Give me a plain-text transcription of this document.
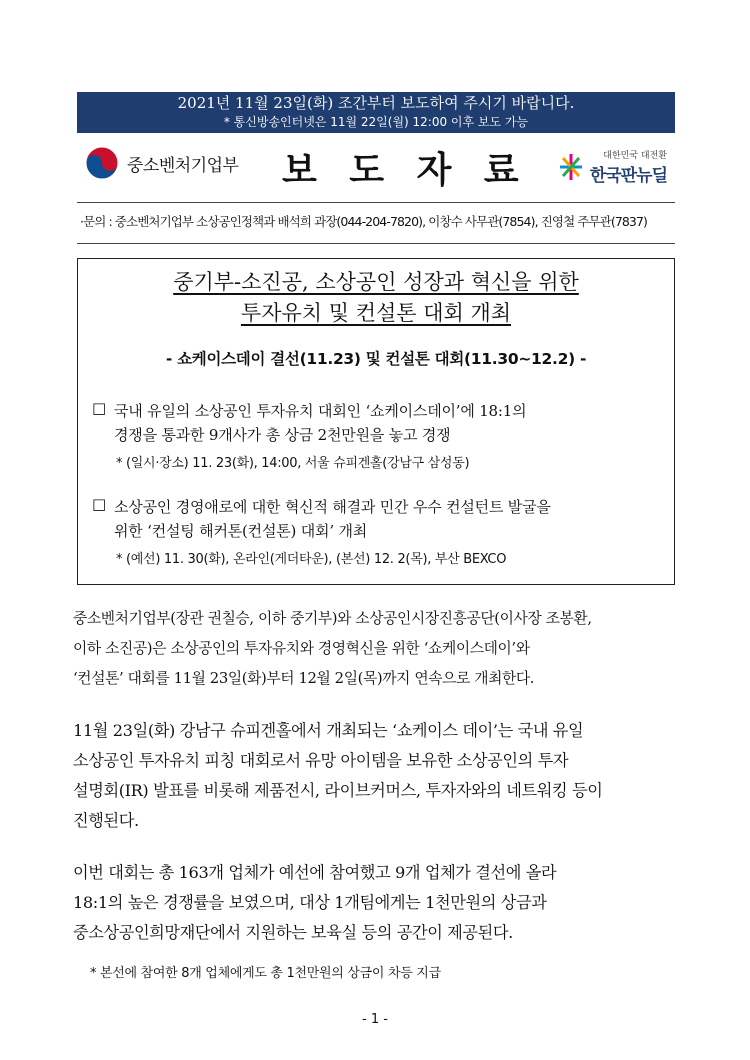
2021년 11월 23일(화) 조간부터 보도하여 주시기 바랍니다.
* 통신방송인터넷은 11월 22일(월) 12:00 이후 보도 가능
중소벤처기업부 보 도 자 료	대한민국 대전환
한국판뉴딜
·문의 : 중소벤처기업부 소상공인정책과 배석희 과장(044-204-7820), 이창수 사무관(7854), 진영철 주무관(7837)
중기부-소진공, 소상공인 성장과 혁신을 위한
투자유치 및 컨설톤 대회 개최
- 쇼케이스데이 결선(11.23) 및 컨설톤 대회(11.30~12.2) -
□ 국내 유일의 소상공인 투자유치 대회인 ‘쇼케이스데이’에 18:1의
경쟁을 통과한 9개사가 총 상금 2천만원을 놓고 경쟁
* (일시·장소) 11. 23(화), 14:00, 서울 슈피겐홀(강남구 삼성동)
□ 소상공인 경영애로에 대한 혁신적 해결과 민간 우수 컨설턴트 발굴을
위한 ‘컨설팅 해커톤(컨설톤) 대회’ 개최
* (예선) 11. 30(화), 온라인(게더타운), (본선) 12. 2(목), 부산 BEXCO
중소벤처기업부(장관 권칠승, 이하 중기부)와 소상공인시장진흥공단(이사장 조봉환,
이하 소진공)은 소상공인의 투자유치와 경영혁신을 위한 ‘쇼케이스데이’와
‘컨설톤’ 대회를 11월 23일(화)부터 12월 2일(목)까지 연속으로 개최한다.
11월 23일(화) 강남구 슈피겐홀에서 개최되는 ‘쇼케이스 데이’는 국내 유일
소상공인 투자유치 피칭 대회로서 유망 아이템을 보유한 소상공인의 투자
설명회(IR) 발표를 비롯해 제품전시, 라이브커머스, 투자자와의 네트워킹 등이
진행된다.
이번 대회는 총 163개 업체가 예선에 참여했고 9개 업체가 결선에 올라
18:1의 높은 경쟁률을 보였으며, 대상 1개팀에게는 1천만원의 상금과
중소상공인희망재단에서 지원하는 보육실 등의 공간이 제공된다.
* 본선에 참여한 8개 업체에게도 총 1천만원의 상금이 차등 지급
- 1 -
